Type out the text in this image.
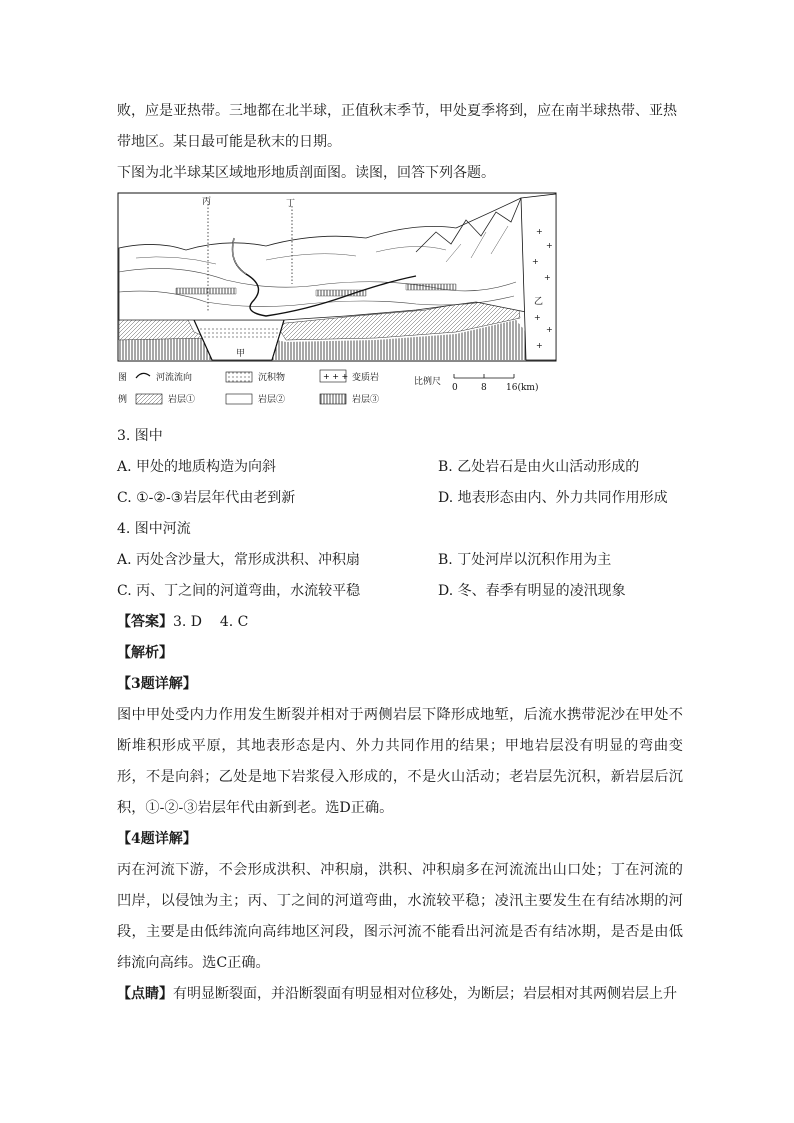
败，应是亚热带。三地都在北半球，正值秋末季节，甲处夏季将到，应在南半球热带、亚热
带地区。某日最可能是秋末的日期。
下图为北半球某区域地形地质剖面图。读图，回答下列各题。
+
+
+
+
+
+
+
丙	丁
甲
乙
图
例
河流流向	沉积物	+ + + 变质岩
岩层①	岩层②	岩层③
比例尺
0	8 16(km)
3. 图中
A. 甲处的地质构造为向斜	B. 乙处岩石是由火山活动形成的
C. ①-②-③岩层年代由老到新	D. 地表形态由内、外力共同作用形成
4. 图中河流
A. 丙处含沙量大，常形成洪积、冲积扇	B. 丁处河岸以沉积作用为主
C. 丙、丁之间的河道弯曲，水流较平稳	D. 冬、春季有明显的凌汛现象
【答案】3. D    4. C
【解析】
【3题详解】
图中甲处受内力作用发生断裂并相对于两侧岩层下降形成地堑，后流水携带泥沙在甲处不断堆积形成平原，其地表形态是内、外力共同作用的结果；甲地岩层没有明显的弯曲变形，不是向斜；乙处是地下岩浆侵入形成的，不是火山活动；老岩层先沉积，新岩层后沉积，①-②-③岩层年代由新到老。选D正确。
【4题详解】
丙在河流下游，不会形成洪积、冲积扇，洪积、冲积扇多在河流流出山口处；丁在河流的凹岸，以侵蚀为主；丙、丁之间的河道弯曲，水流较平稳；凌汛主要发生在有结冰期的河段，主要是由低纬流向高纬地区河段，图示河流不能看出河流是否有结冰期，是否是由低纬流向高纬。选C正确。
【点睛】有明显断裂面，并沿断裂面有明显相对位移处，为断层；岩层相对其两侧岩层上升
